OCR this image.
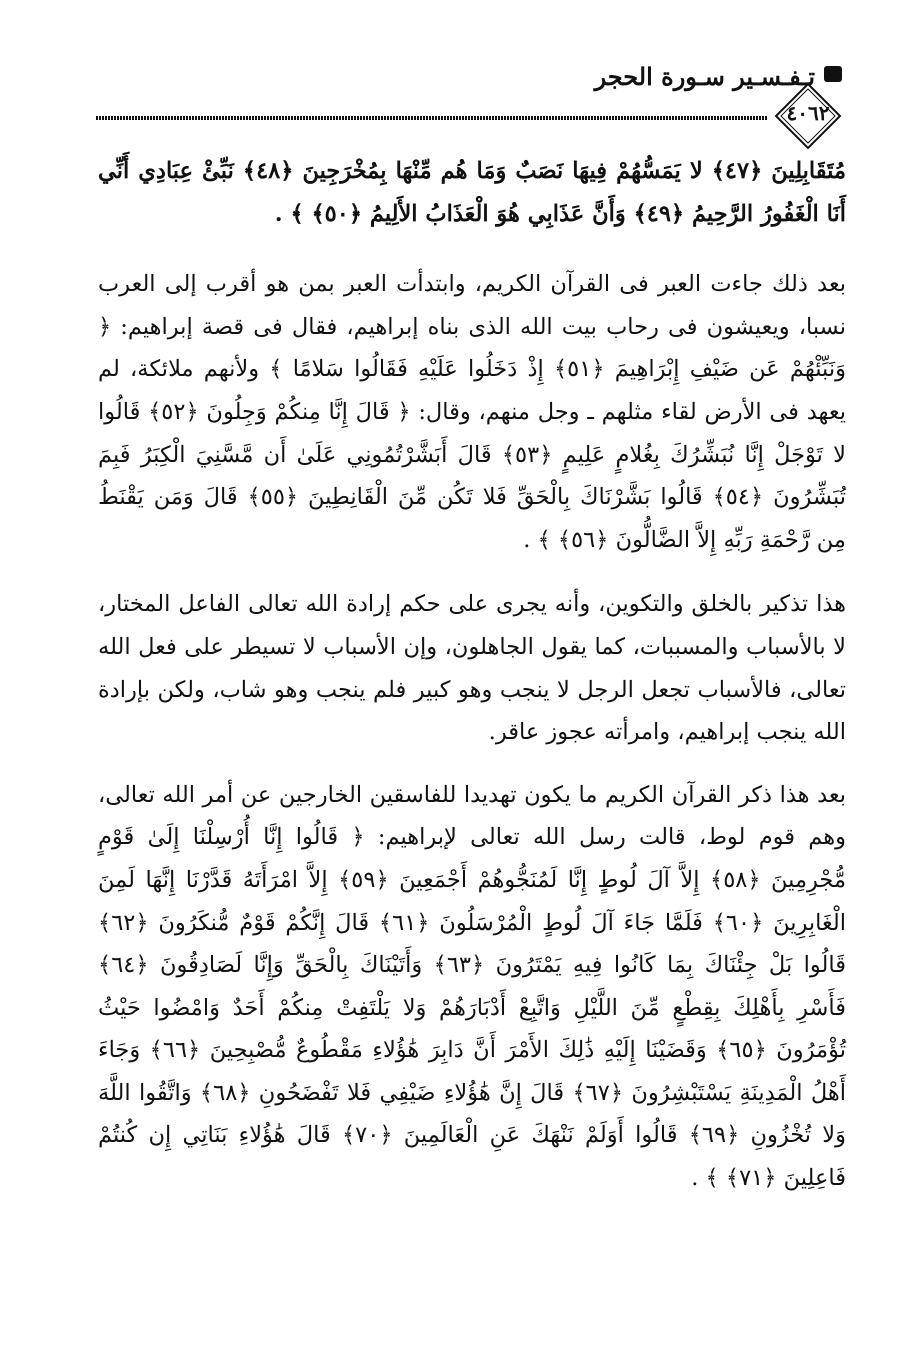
تـفـسـير سـورة الحجر
٤٠٦٢

مُتَقَابِلِينَ ﴿٤٧﴾ لا يَمَسُّهُمْ فِيهَا نَصَبٌ وَمَا هُم مِّنْهَا بِمُخْرَجِينَ ﴿٤٨﴾ نَبِّئْ عِبَادِي أَنِّي أَنَا الْغَفُورُ الرَّحِيمُ ﴿٤٩﴾ وَأَنَّ عَذَابِي هُوَ الْعَذَابُ الأَلِيمُ ﴿٥٠﴾ ﴾ .

بعد ذلك جاءت العبر فى القرآن الكريم، وابتدأت العبر بمن هو أقرب إلى العرب نسبا، ويعيشون فى رحاب بيت الله الذى بناه إبراهيم، فقال فى قصة إبراهيم: ﴿ وَنَبِّئْهُمْ عَن ضَيْفِ إِبْرَاهِيمَ ﴿٥١﴾ إِذْ دَخَلُوا عَلَيْهِ فَقَالُوا سَلامًا ﴾ ولأنهم ملائكة، لم يعهد فى الأرض لقاء مثلهم ـ وجل منهم، وقال: ﴿ قَالَ إِنَّا مِنكُمْ وَجِلُونَ ﴿٥٢﴾ قَالُوا لا تَوْجَلْ إِنَّا نُبَشِّرُكَ بِغُلامٍ عَلِيمٍ ﴿٥٣﴾ قَالَ أَبَشَّرْتُمُونِي عَلَىٰ أَن مَّسَّنِيَ الْكِبَرُ فَبِمَ تُبَشِّرُونَ ﴿٥٤﴾ قَالُوا بَشَّرْنَاكَ بِالْحَقِّ فَلا تَكُن مِّنَ الْقَانِطِينَ ﴿٥٥﴾ قَالَ وَمَن يَقْنَطُ مِن رَّحْمَةِ رَبِّهِ إِلاَّ الضَّالُّونَ ﴿٥٦﴾ ﴾ .

هذا تذكير بالخلق والتكوين، وأنه يجرى على حكم إرادة الله تعالى الفاعل المختار، لا بالأسباب والمسببات، كما يقول الجاهلون، وإن الأسباب لا تسيطر على فعل الله تعالى، فالأسباب تجعل الرجل لا ينجب وهو كبير فلم ينجب وهو شاب، ولكن بإرادة الله ينجب إبراهيم، وامرأته عجوز عاقر.

بعد هذا ذكر القرآن الكريم ما يكون تهديدا للفاسقين الخارجين عن أمر الله تعالى، وهم قوم لوط، قالت رسل الله تعالى لإبراهيم: ﴿ قَالُوا إِنَّا أُرْسِلْنَا إِلَىٰ قَوْمٍ مُّجْرِمِينَ ﴿٥٨﴾ إِلاَّ آلَ لُوطٍ إِنَّا لَمُنَجُّوهُمْ أَجْمَعِينَ ﴿٥٩﴾ إِلاَّ امْرَأَتَهُ قَدَّرْنَا إِنَّهَا لَمِنَ الْغَابِرِينَ ﴿٦٠﴾ فَلَمَّا جَاءَ آلَ لُوطٍ الْمُرْسَلُونَ ﴿٦١﴾ قَالَ إِنَّكُمْ قَوْمٌ مُّنكَرُونَ ﴿٦٢﴾ قَالُوا بَلْ جِئْنَاكَ بِمَا كَانُوا فِيهِ يَمْتَرُونَ ﴿٦٣﴾ وَأَتَيْنَاكَ بِالْحَقِّ وَإِنَّا لَصَادِقُونَ ﴿٦٤﴾ فَأَسْرِ بِأَهْلِكَ بِقِطْعٍ مِّنَ اللَّيْلِ وَاتَّبِعْ أَدْبَارَهُمْ وَلا يَلْتَفِتْ مِنكُمْ أَحَدٌ وَامْضُوا حَيْثُ تُؤْمَرُونَ ﴿٦٥﴾ وَقَضَيْنَا إِلَيْهِ ذَٰلِكَ الأَمْرَ أَنَّ دَابِرَ هَٰؤُلاءِ مَقْطُوعٌ مُّصْبِحِينَ ﴿٦٦﴾ وَجَاءَ أَهْلُ الْمَدِينَةِ يَسْتَبْشِرُونَ ﴿٦٧﴾ قَالَ إِنَّ هَٰؤُلاءِ ضَيْفِي فَلا تَفْضَحُونِ ﴿٦٨﴾ وَاتَّقُوا اللَّهَ وَلا تُخْزُونِ ﴿٦٩﴾ قَالُوا أَوَلَمْ نَنْهَكَ عَنِ الْعَالَمِينَ ﴿٧٠﴾ قَالَ هَٰؤُلاءِ بَنَاتِي إِن كُنتُمْ فَاعِلِينَ ﴿٧١﴾ ﴾ .
